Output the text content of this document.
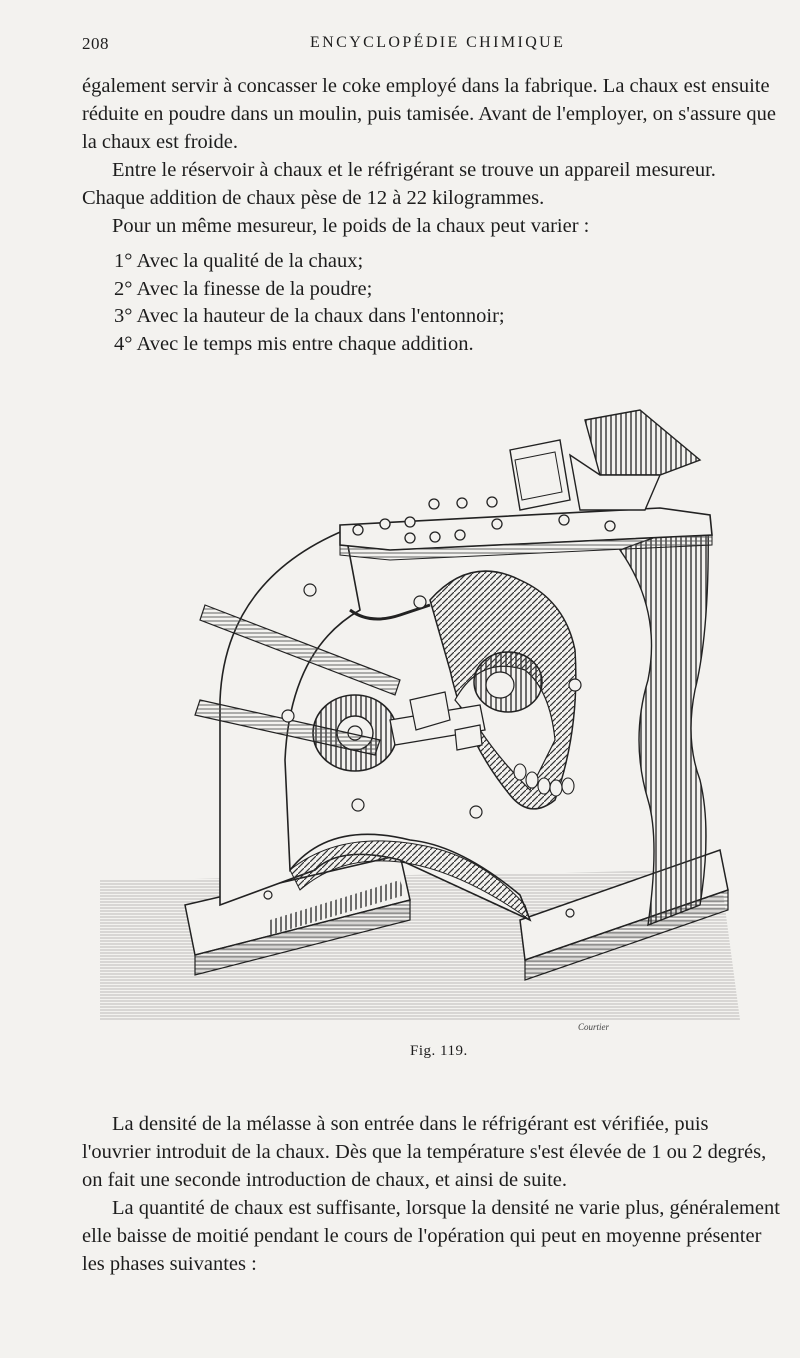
208	ENCYCLOPÉDIE CHIMIQUE

également servir à concasser le coke employé dans la fabrique. La chaux est ensuite réduite en poudre dans un moulin, puis tamisée. Avant de l'employer, on s'assure que la chaux est froide.

Entre le réservoir à chaux et le réfrigérant se trouve un appareil mesureur. Chaque addition de chaux pèse de 12 à 22 kilogrammes.

Pour un même mesureur, le poids de la chaux peut varier :

1° Avec la qualité de la chaux;

2° Avec la finesse de la poudre;

3° Avec la hauteur de la chaux dans l'entonnoir;

4° Avec le temps mis entre chaque addition.

Courtier
Fig. 119.

La densité de la mélasse à son entrée dans le réfrigérant est vérifiée, puis l'ouvrier introduit de la chaux. Dès que la température s'est élevée de 1 ou 2 degrés, on fait une seconde introduction de chaux, et ainsi de suite.

La quantité de chaux est suffisante, lorsque la densité ne varie plus, généralement elle baisse de moitié pendant le cours de l'opération qui peut en moyenne présenter les phases suivantes :
